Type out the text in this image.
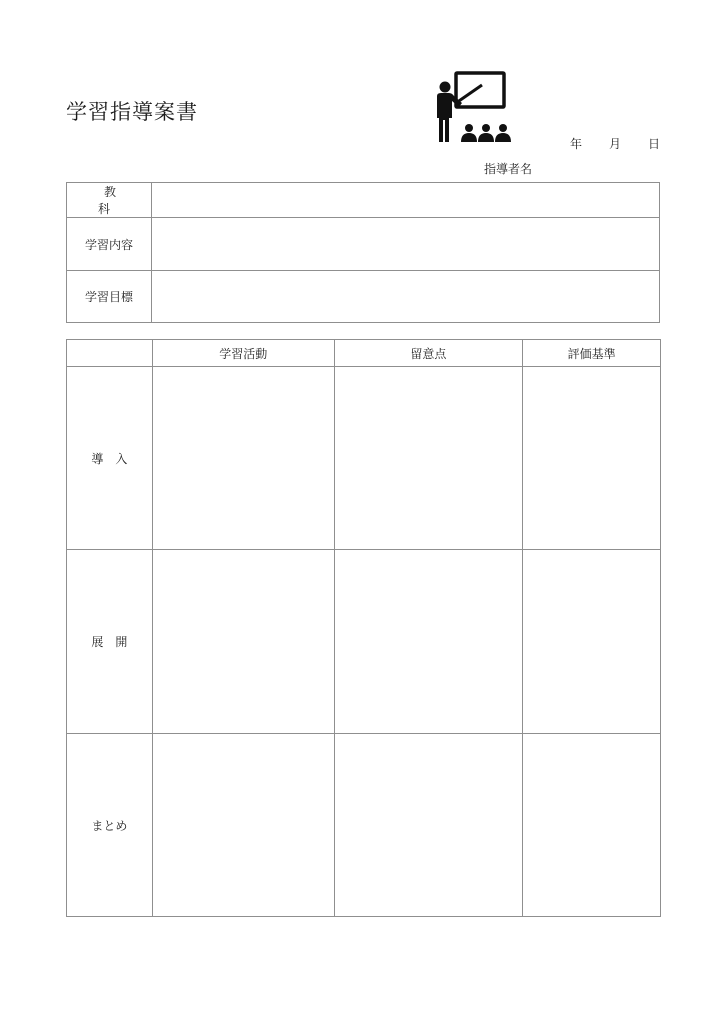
学習指導案書
年 月 日
指導者名
教　　科	
学習内容	
学習目標	
	学習活動	留意点	評価基準
導　入			
展　開			
まとめ			
